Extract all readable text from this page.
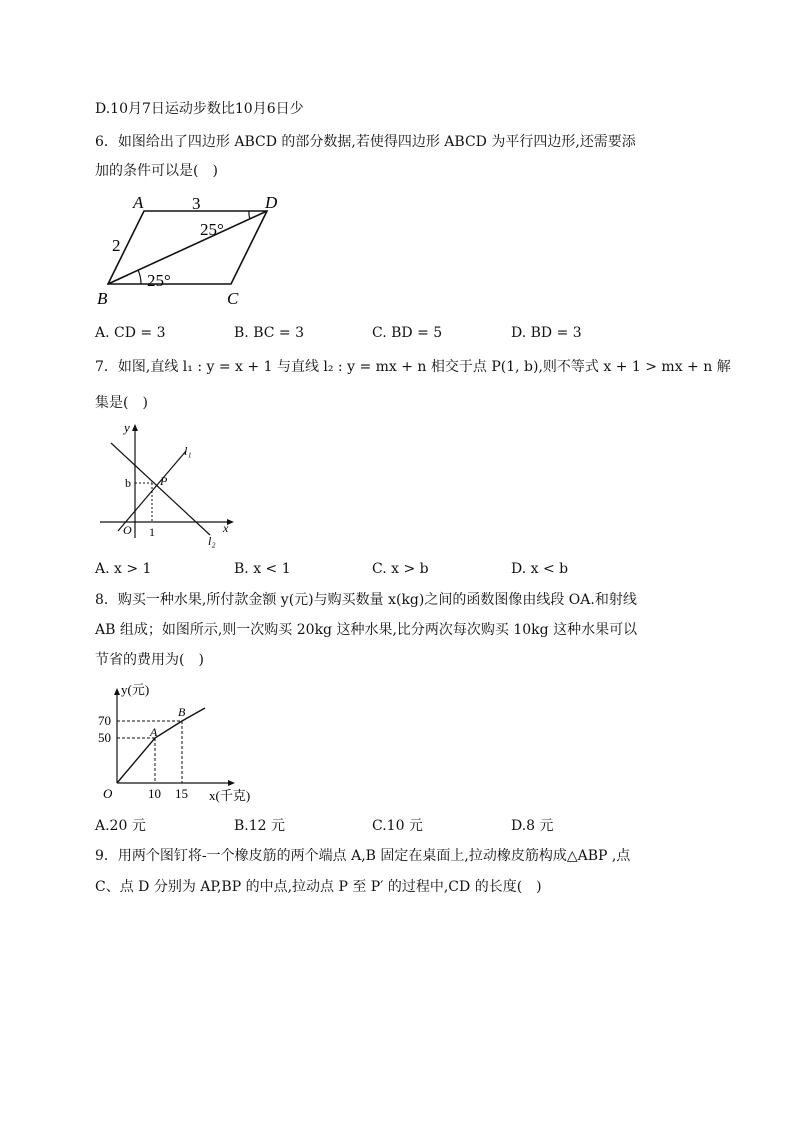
D.10月7日运动步数比10月6日少
6．如图给出了四边形 ABCD 的部分数据,若使得四边形 ABCD 为平行四边形,还需要添
加的条件可以是(　)
A	D
B	C
3
2
25°
25°
A. CD = 3	B. BC = 3	C. BD = 5	D. BD = 3
7．如图,直线 l₁ : y = x + 1 与直线 l₂ : y = mx + n 相交于点 P(1, b),则不等式 x + 1 > mx + n 解
集是(　)
y
x
O 1
b P
l₁
l₂
A. x > 1	B. x < 1	C. x > b	D. x < b
8．购买一种水果,所付款金额 y(元)与购买数量 x(kg)之间的函数图像由线段 OA.和射线
AB 组成；如图所示,则一次购买 20kg 这种水果,比分两次每次购买 10kg 这种水果可以
节省的费用为(　)
y(元)
x(千克)
O
A
B
70
50
10 15
A.20 元	B.12 元	C.10 元	D.8 元
9．用两个图钉将-一个橡皮筋的两个端点 A,B 固定在桌面上,拉动橡皮筋构成△ABP ,点
C、点 D 分别为 AP,BP 的中点,拉动点 P 至 P′ 的过程中,CD 的长度(　)
